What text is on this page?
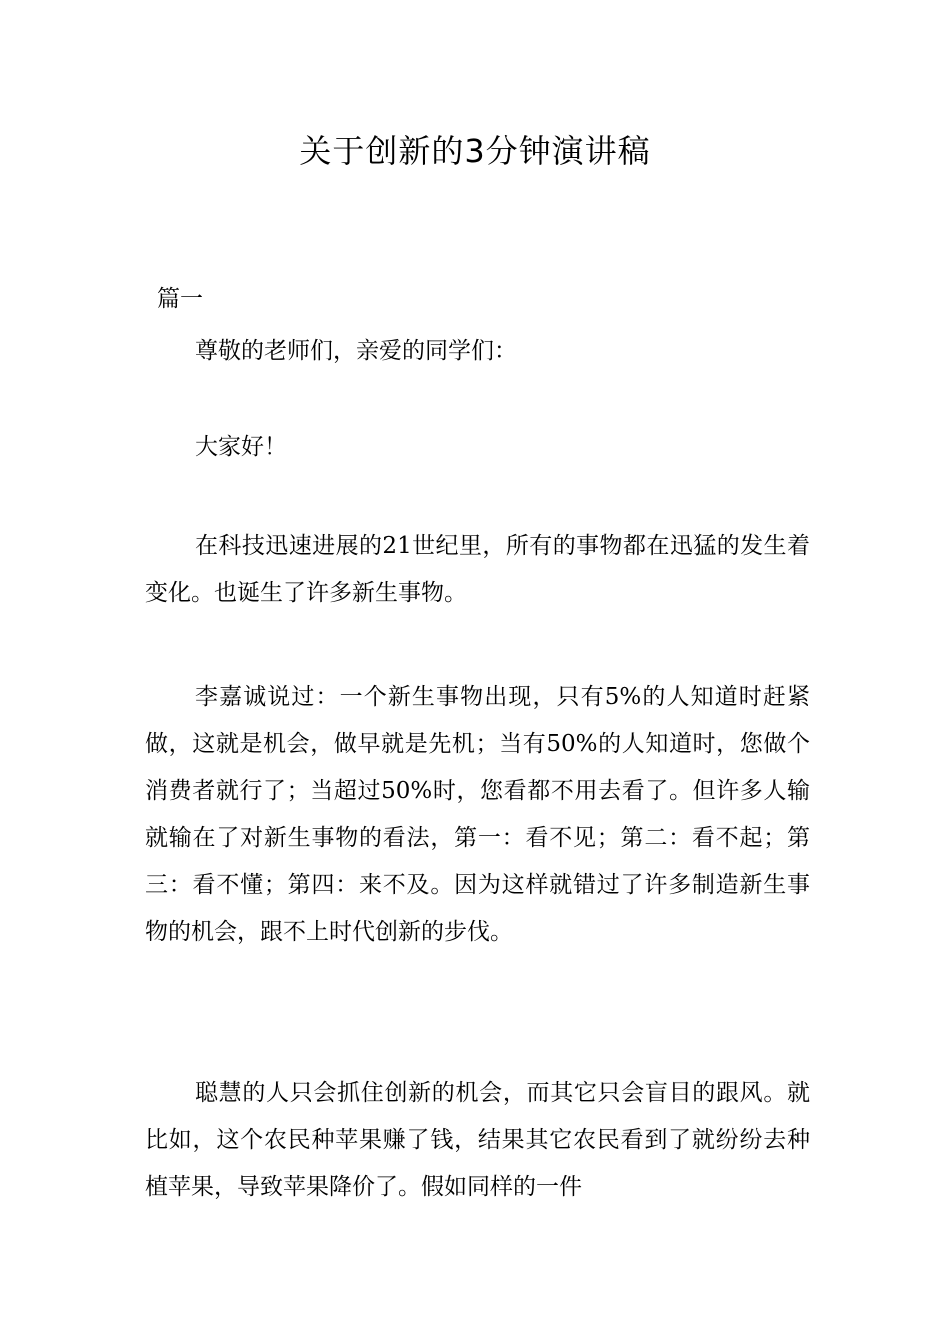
关于创新的3分钟演讲稿
篇一

尊敬的老师们，亲爱的同学们：

大家好！

在科技迅速进展的21世纪里，所有的事物都在迅猛的发生着变化。也诞生了许多新生事物。

李嘉诚说过：一个新生事物出现，只有5%的人知道时赶紧做，这就是机会，做早就是先机；当有50%的人知道时，您做个消费者就行了；当超过50%时，您看都不用去看了。但许多人输就输在了对新生事物的看法，第一：看不见；第二：看不起；第三：看不懂；第四：来不及。因为这样就错过了许多制造新生事物的机会，跟不上时代创新的步伐。

聪慧的人只会抓住创新的机会，而其它只会盲目的跟风。就比如，这个农民种苹果赚了钱，结果其它农民看到了就纷纷去种植苹果，导致苹果降价了。假如同样的一件
